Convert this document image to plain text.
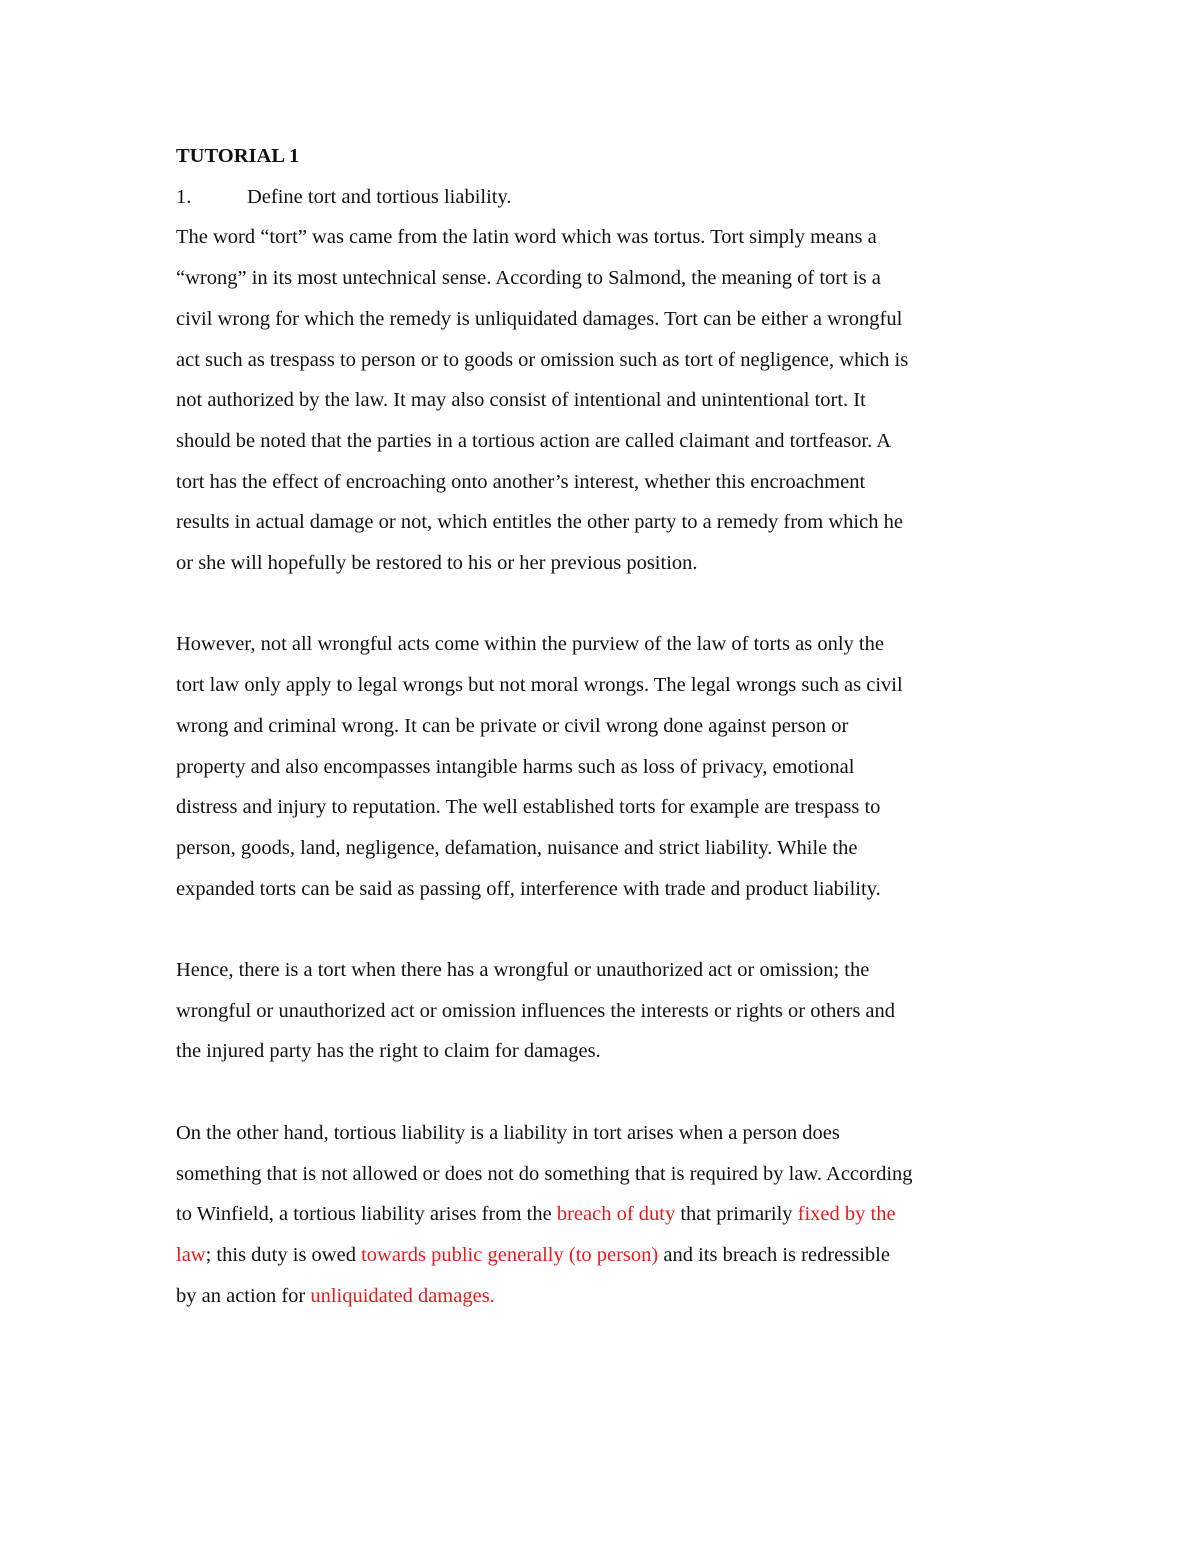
TUTORIAL 1

1.	Define tort and tortious liability.

The word “tort” was came from the latin word which was tortus. Tort simply means a
“wrong” in its most untechnical sense. According to Salmond, the meaning of tort is a
civil wrong for which the remedy is unliquidated damages. Tort can be either a wrongful
act such as trespass to person or to goods or omission such as tort of negligence, which is
not authorized by the law. It may also consist of intentional and unintentional tort. It
should be noted that the parties in a tortious action are called claimant and tortfeasor. A
tort has the effect of encroaching onto another’s interest, whether this encroachment
results in actual damage or not, which entitles the other party to a remedy from which he
or she will hopefully be restored to his or her previous position.
However, not all wrongful acts come within the purview of the law of torts as only the
tort law only apply to legal wrongs but not moral wrongs. The legal wrongs such as civil
wrong and criminal wrong. It can be private or civil wrong done against person or
property and also encompasses intangible harms such as loss of privacy, emotional
distress and injury to reputation. The well established torts for example are trespass to
person, goods, land, negligence, defamation, nuisance and strict liability. While the
expanded torts can be said as passing off, interference with trade and product liability.
Hence, there is a tort when there has a wrongful or unauthorized act or omission; the
wrongful or unauthorized act or omission influences the interests or rights or others and
the injured party has the right to claim for damages.
On the other hand, tortious liability is a liability in tort arises when a person does
something that is not allowed or does not do something that is required by law. According
to Winfield, a tortious liability arises from the breach of duty that primarily fixed by the
law; this duty is owed towards public generally (to person) and its breach is redressible
by an action for unliquidated damages.
